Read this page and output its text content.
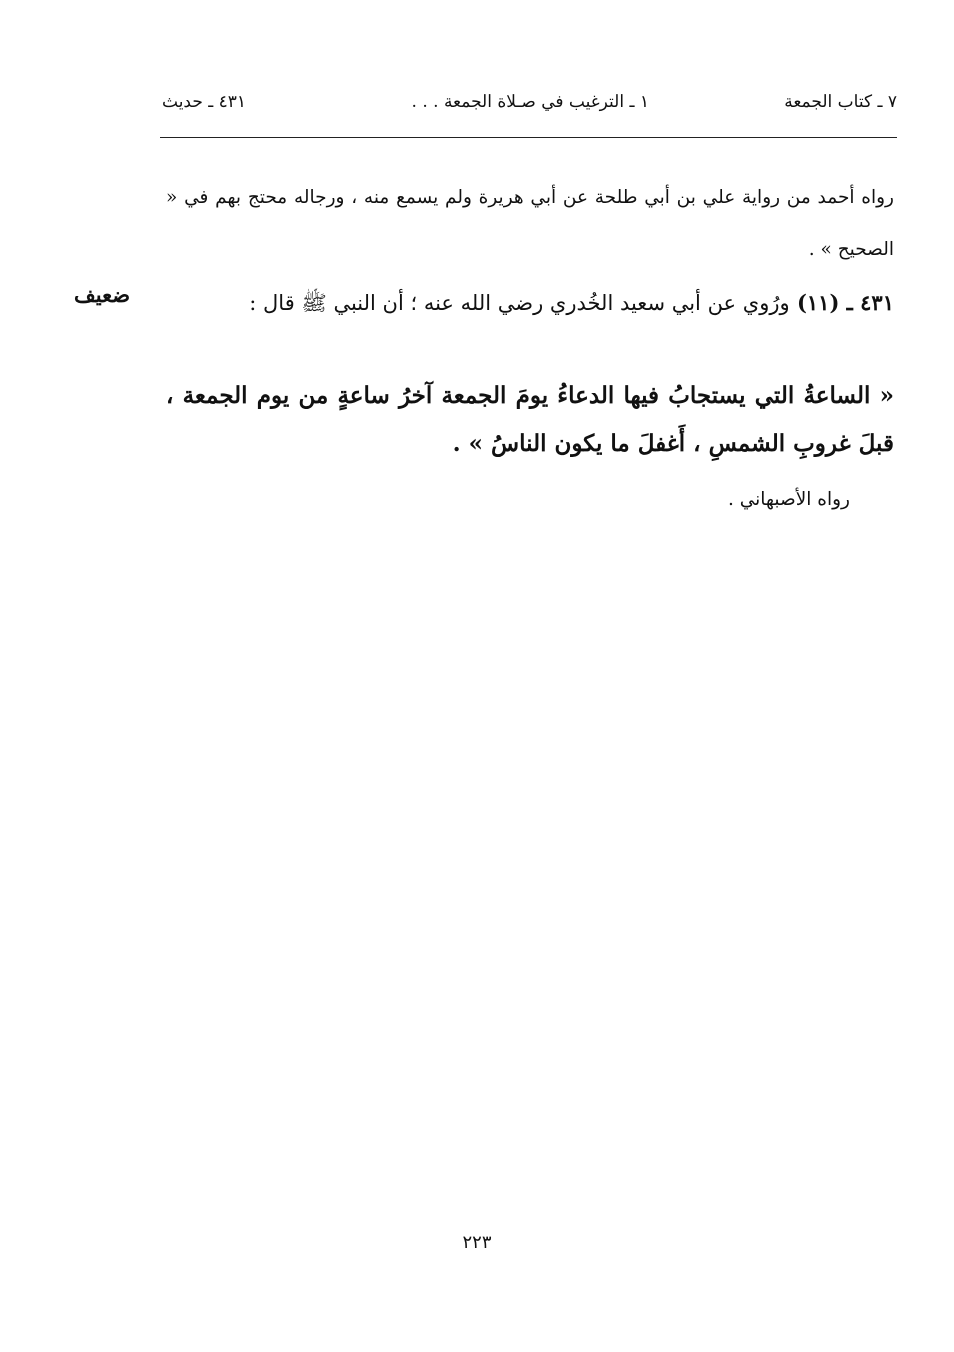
٧ ـ كتاب الجمعة
١ ـ الترغيب في صـلاة الجمعة . . .
٤٣١ ـ حديث
رواه أحمد من رواية علي بن أبي طلحة عن أبي هريرة ولم يسمع منه ، ورجاله محتج بهم في « الصحيح » .
٤٣١ ـ (١١) ورُوي عن أبي سعيد الخُدري رضي الله عنه ؛ أن النبي ﷺ قال :
ضعيف
« الساعةُ التي يستجابُ فيها الدعاءُ يومَ الجمعة آخرُ ساعةٍ من يوم الجمعة ، قبلَ غروبِ الشمسِ ، أَغفلَ ما يكون الناسُ » .
رواه الأصبهاني .
٢٢٣
